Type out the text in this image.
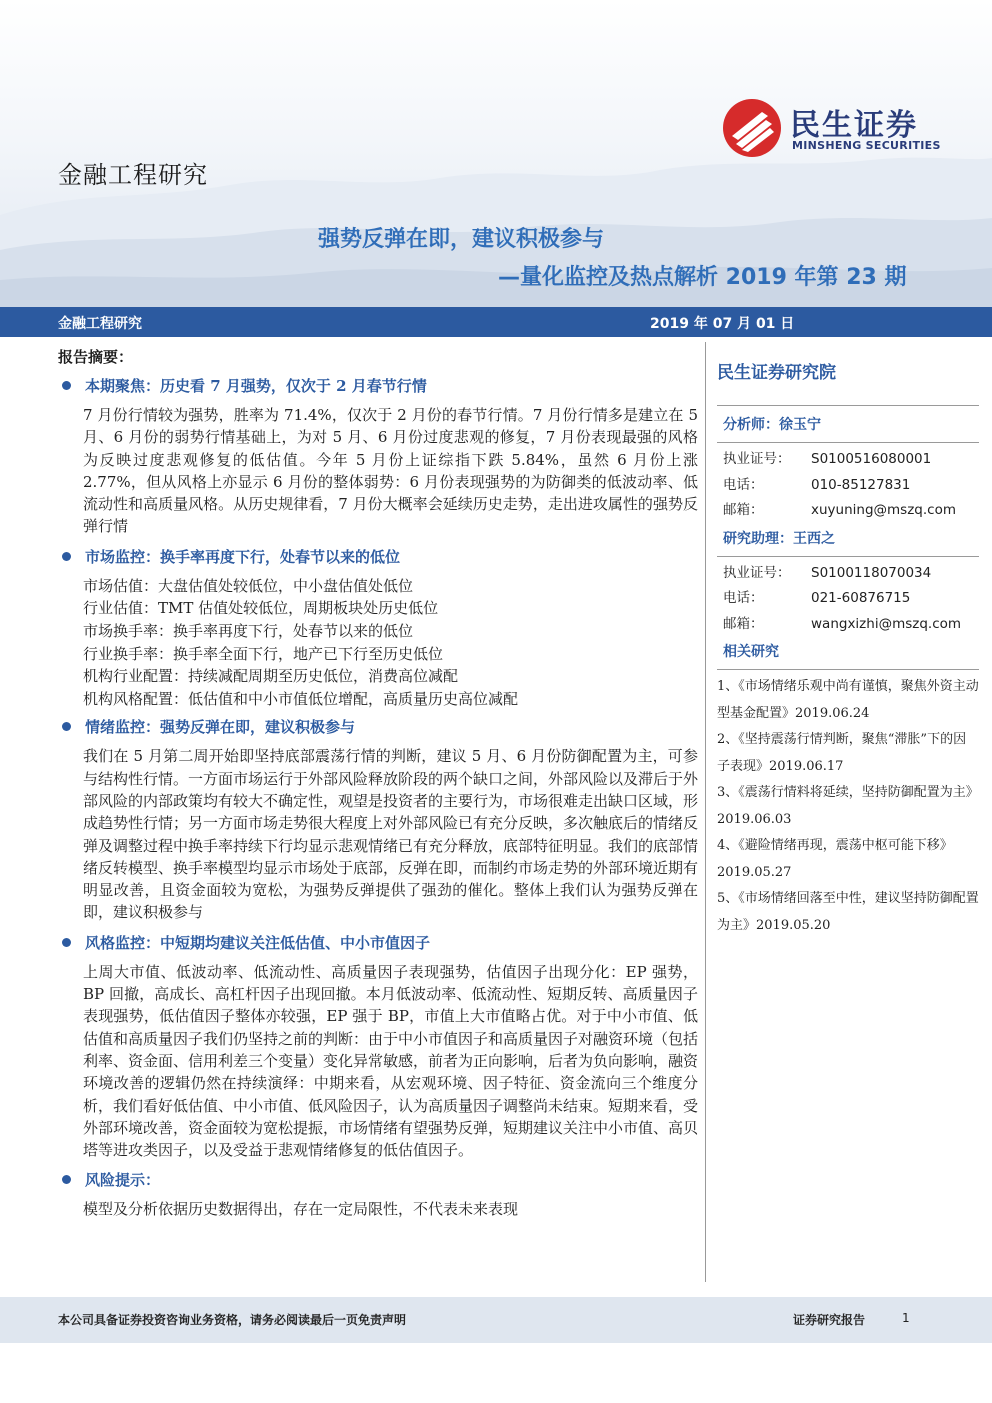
民生证券
MINSHENG SECURITIES
金融工程研究
强势反弹在即，建议积极参与
—量化监控及热点解析 2019 年第 23 期
金融工程研究	2019 年 07 月 01 日
报告摘要：
本期聚焦：历史看 7 月强势，仅次于 2 月春节行情
7 月份行情较为强势，胜率为 71.4%，仅次于 2 月份的春节行情。7 月份行情多是建立在 5 月、6 月份的弱势行情基础上，为对 5 月、6 月份过度悲观的修复，7 月份表现最强的风格为反映过度悲观修复的低估值。今年 5 月份上证综指下跌 5.84%，虽然 6 月份上涨 2.77%，但从风格上亦显示 6 月份的整体弱势：6 月份表现强势的为防御类的低波动率、低流动性和高质量风格。从历史规律看，7 月份大概率会延续历史走势，走出进攻属性的强势反弹行情
市场监控：换手率再度下行，处春节以来的低位
市场估值：大盘估值处较低位，中小盘估值处低位
行业估值：TMT 估值处较低位，周期板块处历史低位
市场换手率：换手率再度下行，处春节以来的低位
行业换手率：换手率全面下行，地产已下行至历史低位
机构行业配置：持续减配周期至历史低位，消费高位减配
机构风格配置：低估值和中小市值低位增配，高质量历史高位减配
情绪监控：强势反弹在即，建议积极参与
我们在 5 月第二周开始即坚持底部震荡行情的判断，建议 5 月、6 月份防御配置为主，可参与结构性行情。一方面市场运行于外部风险释放阶段的两个缺口之间，外部风险以及滞后于外部风险的内部政策均有较大不确定性，观望是投资者的主要行为，市场很难走出缺口区域，形成趋势性行情；另一方面市场走势很大程度上对外部风险已有充分反映，多次触底后的情绪反弹及调整过程中换手率持续下行均显示悲观情绪已有充分释放，底部特征明显。我们的底部情绪反转模型、换手率模型均显示市场处于底部，反弹在即，而制约市场走势的外部环境近期有明显改善，且资金面较为宽松，为强势反弹提供了强劲的催化。整体上我们认为强势反弹在即，建议积极参与
风格监控：中短期均建议关注低估值、中小市值因子
上周大市值、低波动率、低流动性、高质量因子表现强势，估值因子出现分化：EP 强势，BP 回撤，高成长、高杠杆因子出现回撤。本月低波动率、低流动性、短期反转、高质量因子表现强势，低估值因子整体亦较强，EP 强于 BP，市值上大市值略占优。对于中小市值、低估值和高质量因子我们仍坚持之前的判断：由于中小市值因子和高质量因子对融资环境（包括利率、资金面、信用利差三个变量）变化异常敏感，前者为正向影响，后者为负向影响，融资环境改善的逻辑仍然在持续演绎：中期来看，从宏观环境、因子特征、资金流向三个维度分析，我们看好低估值、中小市值、低风险因子，认为高质量因子调整尚未结束。短期来看，受外部环境改善，资金面较为宽松提振，市场情绪有望强势反弹，短期建议关注中小市值、高贝塔等进攻类因子，以及受益于悲观情绪修复的低估值因子。
风险提示：
模型及分析依据历史数据得出，存在一定局限性，不代表未来表现
民生证券研究院
分析师：徐玉宁
执业证号：	S0100516080001
电话：	010-85127831
邮箱：	xuyuning@mszq.com
研究助理：王西之
执业证号：	S0100118070034
电话：	021-60876715
邮箱：	wangxizhi@mszq.com
相关研究
1、《市场情绪乐观中尚有谨慎，聚焦外资主动型基金配置》2019.06.24
2、《坚持震荡行情判断，聚焦“滞胀”下的因子表现》2019.06.17
3、《震荡行情料将延续，坚持防御配置为主》2019.06.03
4、《避险情绪再现，震荡中枢可能下移》2019.05.27
5、《市场情绪回落至中性，建议坚持防御配置为主》2019.05.20
本公司具备证券投资咨询业务资格，请务必阅读最后一页免责声明	证券研究报告	1
